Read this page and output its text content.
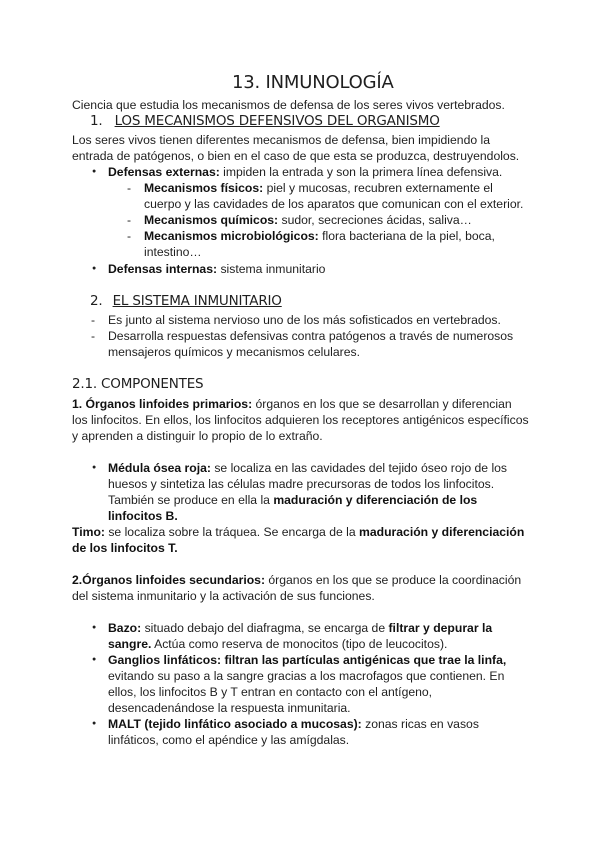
13. INMUNOLOGÍA
Ciencia que estudia los mecanismos de defensa de los seres vivos vertebrados.
1. LOS MECANISMOS DEFENSIVOS DEL ORGANISMO
Los seres vivos tienen diferentes mecanismos de defensa, bien impidiendo la
entrada de patógenos, o bien en el caso de que esta se produzca, destruyendolos.
● Defensas externas: impiden la entrada y son la primera línea defensiva.
- Mecanismos físicos: piel y mucosas, recubren externamente el
cuerpo y las cavidades de los aparatos que comunican con el exterior.
- Mecanismos químicos: sudor, secreciones ácidas, saliva…
- Mecanismos microbiológicos: flora bacteriana de la piel, boca,
intestino…
● Defensas internas: sistema inmunitario
2. EL SISTEMA INMUNITARIO
- Es junto al sistema nervioso uno de los más sofisticados en vertebrados.
- Desarrolla respuestas defensivas contra patógenos a través de numerosos
mensajeros químicos y mecanismos celulares.
2.1. COMPONENTES
1. Órganos linfoides primarios: órganos en los que se desarrollan y diferencian
los linfocitos. En ellos, los linfocitos adquieren los receptores antigénicos específicos
y aprenden a distinguir lo propio de lo extraño.
● Médula ósea roja: se localiza en las cavidades del tejido óseo rojo de los
huesos y sintetiza las células madre precursoras de todos los linfocitos.
También se produce en ella la maduración y diferenciación de los
linfocitos B.
Timo: se localiza sobre la tráquea. Se encarga de la maduración y diferenciación
de los linfocitos T.
2.Órganos linfoides secundarios: órganos en los que se produce la coordinación
del sistema inmunitario y la activación de sus funciones.
● Bazo: situado debajo del diafragma, se encarga de filtrar y depurar la
sangre. Actúa como reserva de monocitos (tipo de leucocitos).
● Ganglios linfáticos: filtran las partículas antigénicas que trae la linfa,
evitando su paso a la sangre gracias a los macrofagos que contienen. En
ellos, los linfocitos B y T entran en contacto con el antígeno,
desencadenándose la respuesta inmunitaria.
● MALT (tejido linfático asociado a mucosas): zonas ricas en vasos
linfáticos, como el apéndice y las amígdalas.
